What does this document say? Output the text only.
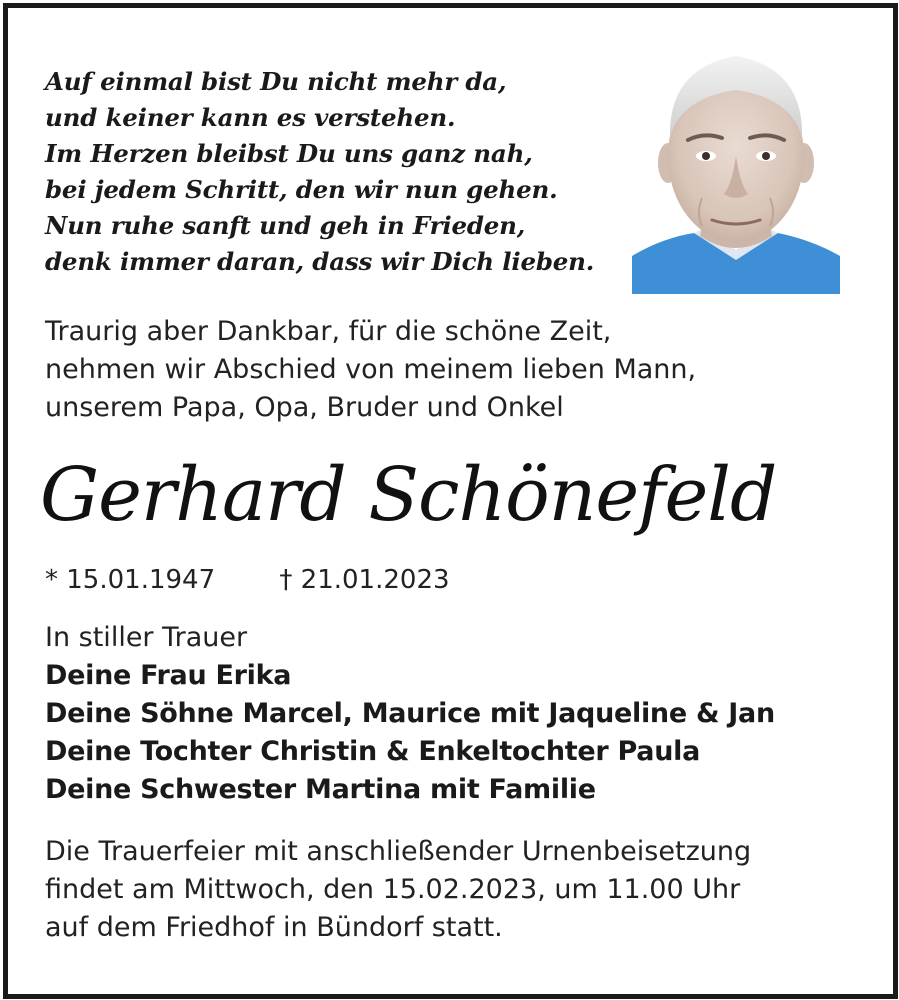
Auf einmal bist Du nicht mehr da,
und keiner kann es verstehen.
Im Herzen bleibst Du uns ganz nah,
bei jedem Schritt, den wir nun gehen.
Nun ruhe sanft und geh in Frieden,
denk immer daran, dass wir Dich lieben.
Traurig aber Dankbar, für die schöne Zeit,
nehmen wir Abschied von meinem lieben Mann,
unserem Papa, Opa, Bruder und Onkel
Gerhard Schönefeld
* 15.01.1947 † 21.01.2023
In stiller Trauer
Deine Frau Erika
Deine Söhne Marcel, Maurice mit Jaqueline & Jan
Deine Tochter Christin & Enkeltochter Paula
Deine Schwester Martina mit Familie
Die Trauerfeier mit anschließender Urnenbeisetzung
findet am Mittwoch, den 15.02.2023, um 11.00 Uhr
auf dem Friedhof in Bündorf statt.
